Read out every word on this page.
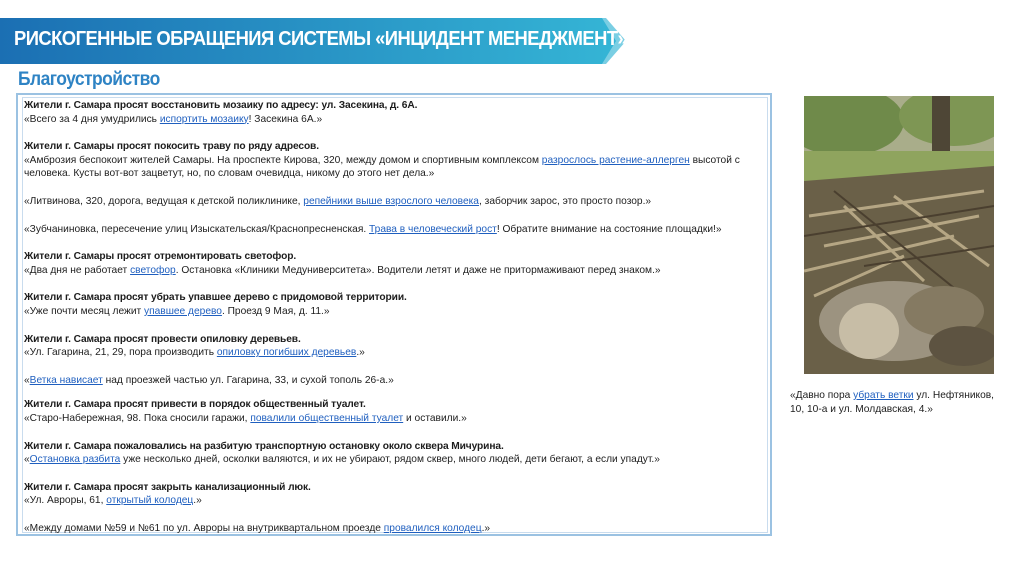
РИСКОГЕННЫЕ ОБРАЩЕНИЯ СИСТЕМЫ «ИНЦИДЕНТ МЕНЕДЖМЕНТ»
Благоустройство
Жители г. Самара просят восстановить мозаику по адресу: ул. Засекина, д. 6А.
«Всего за 4 дня умудрились испортить мозаику! Засекина 6А.»
Жители г. Самары просят покосить траву по ряду адресов.
«Амброзия беспокоит жителей Самары. На проспекте Кирова, 320, между домом и спортивным комплексом разрослось растение-аллерген высотой с человека. Кусты вот-вот зацветут, но, по словам очевидца, никому до этого нет дела.»
«Литвинова, 320, дорога, ведущая к детской поликлинике, репейники выше взрослого человека, заборчик зарос, это просто позор.»
«Зубчаниновка, пересечение улиц Изыскательская/Краснопресненская. Трава в человеческий рост! Обратите внимание на состояние площадки!»
Жители г. Самары просят отремонтировать светофор.
«Два дня не работает светофор. Остановка «Клиники Медуниверситета». Водители летят и даже не притормаживают перед знаком.»
Жители г. Самара просят убрать упавшее дерево с придомовой территории.
«Уже почти месяц лежит упавшее дерево. Проезд 9 Мая, д. 11.»
Жители г. Самара просят провести опиловку деревьев.
«Ул. Гагарина, 21, 29, пора производить опиловку погибших деревьев.»
«Ветка нависает над проезжей частью ул. Гагарина, 33, и сухой тополь 26-а.»
Жители г. Самара просят привести в порядок общественный туалет.
«Старо-Набережная, 98. Пока сносили гаражи, повалили общественный туалет и оставили.»
Жители г. Самара пожаловались на разбитую транспортную остановку около сквера Мичурина.
«Остановка разбита уже несколько дней, осколки валяются, и их не убирают, рядом сквер, много людей, дети бегают, а если упадут.»
Жители г. Самара просят закрыть канализационный люк.
«Ул. Авроры, 61, открытый колодец.»
«Между домами №59 и №61 по ул. Авроры на внутриквартальном проезде провалился колодец.»
«Давно пора убрать ветки ул. Нефтяников, 10, 10-а и ул. Молдавская, 4.»
